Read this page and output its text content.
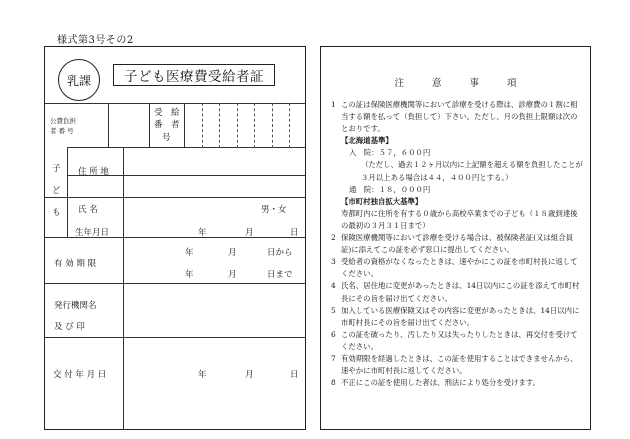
様式第3号その2
乳課	子ども医療費受給者証
公費負担
者 番 号
受 給
者
番
号
子
ど
も
住 所 地
氏 名	男・女
生年月日	年	月	日
有 効 期 限
年	月	日から
年	月	日まで
発行機関名
及 び 印
交 付 年 月 日	年	月	日
注	意	事	項
1 この証は保険医療機関等において診療を受ける際は、診療費の１割に相当する額を払って（負担して）下さい。ただし、月の負担上限額は次のとおりです。
【北海道基準】
入　院：５７，６００円
（ただし、過去１２ヶ月以内に上記額を超える額を負担したことが３月以上ある場合は４４，４００円とする。）
通　院：１８，０００円
【市町村独自拡大基準】
寿都町内に住所を有する０歳から高校卒業までの子ども（１８歳到達後の最初の３月３１日まで）
2 保険医療機関等において診療を受ける場合は、被保険者証(又は組合員証)に添えてこの証を必ず窓口に提出してください。
3 受給者の資格がなくなったときは、速やかにこの証を市町村長に返してください。
4 氏名、居住地に変更があったときは、14日以内にこの証を添えて市町村長にその旨を届け出てください。
5 加入している医療保険又はその内容に変更があったときは、14日以内に市町村長にその旨を届け出てください。
6 この証を破ったり、汚したり又は失ったりしたときは、再交付を受けてください。
7 有効期限を経過したときは、この証を使用することはできませんから、速やかに市町村長に返してください。
8 不正にこの証を使用した者は、刑法により処分を受けます。
